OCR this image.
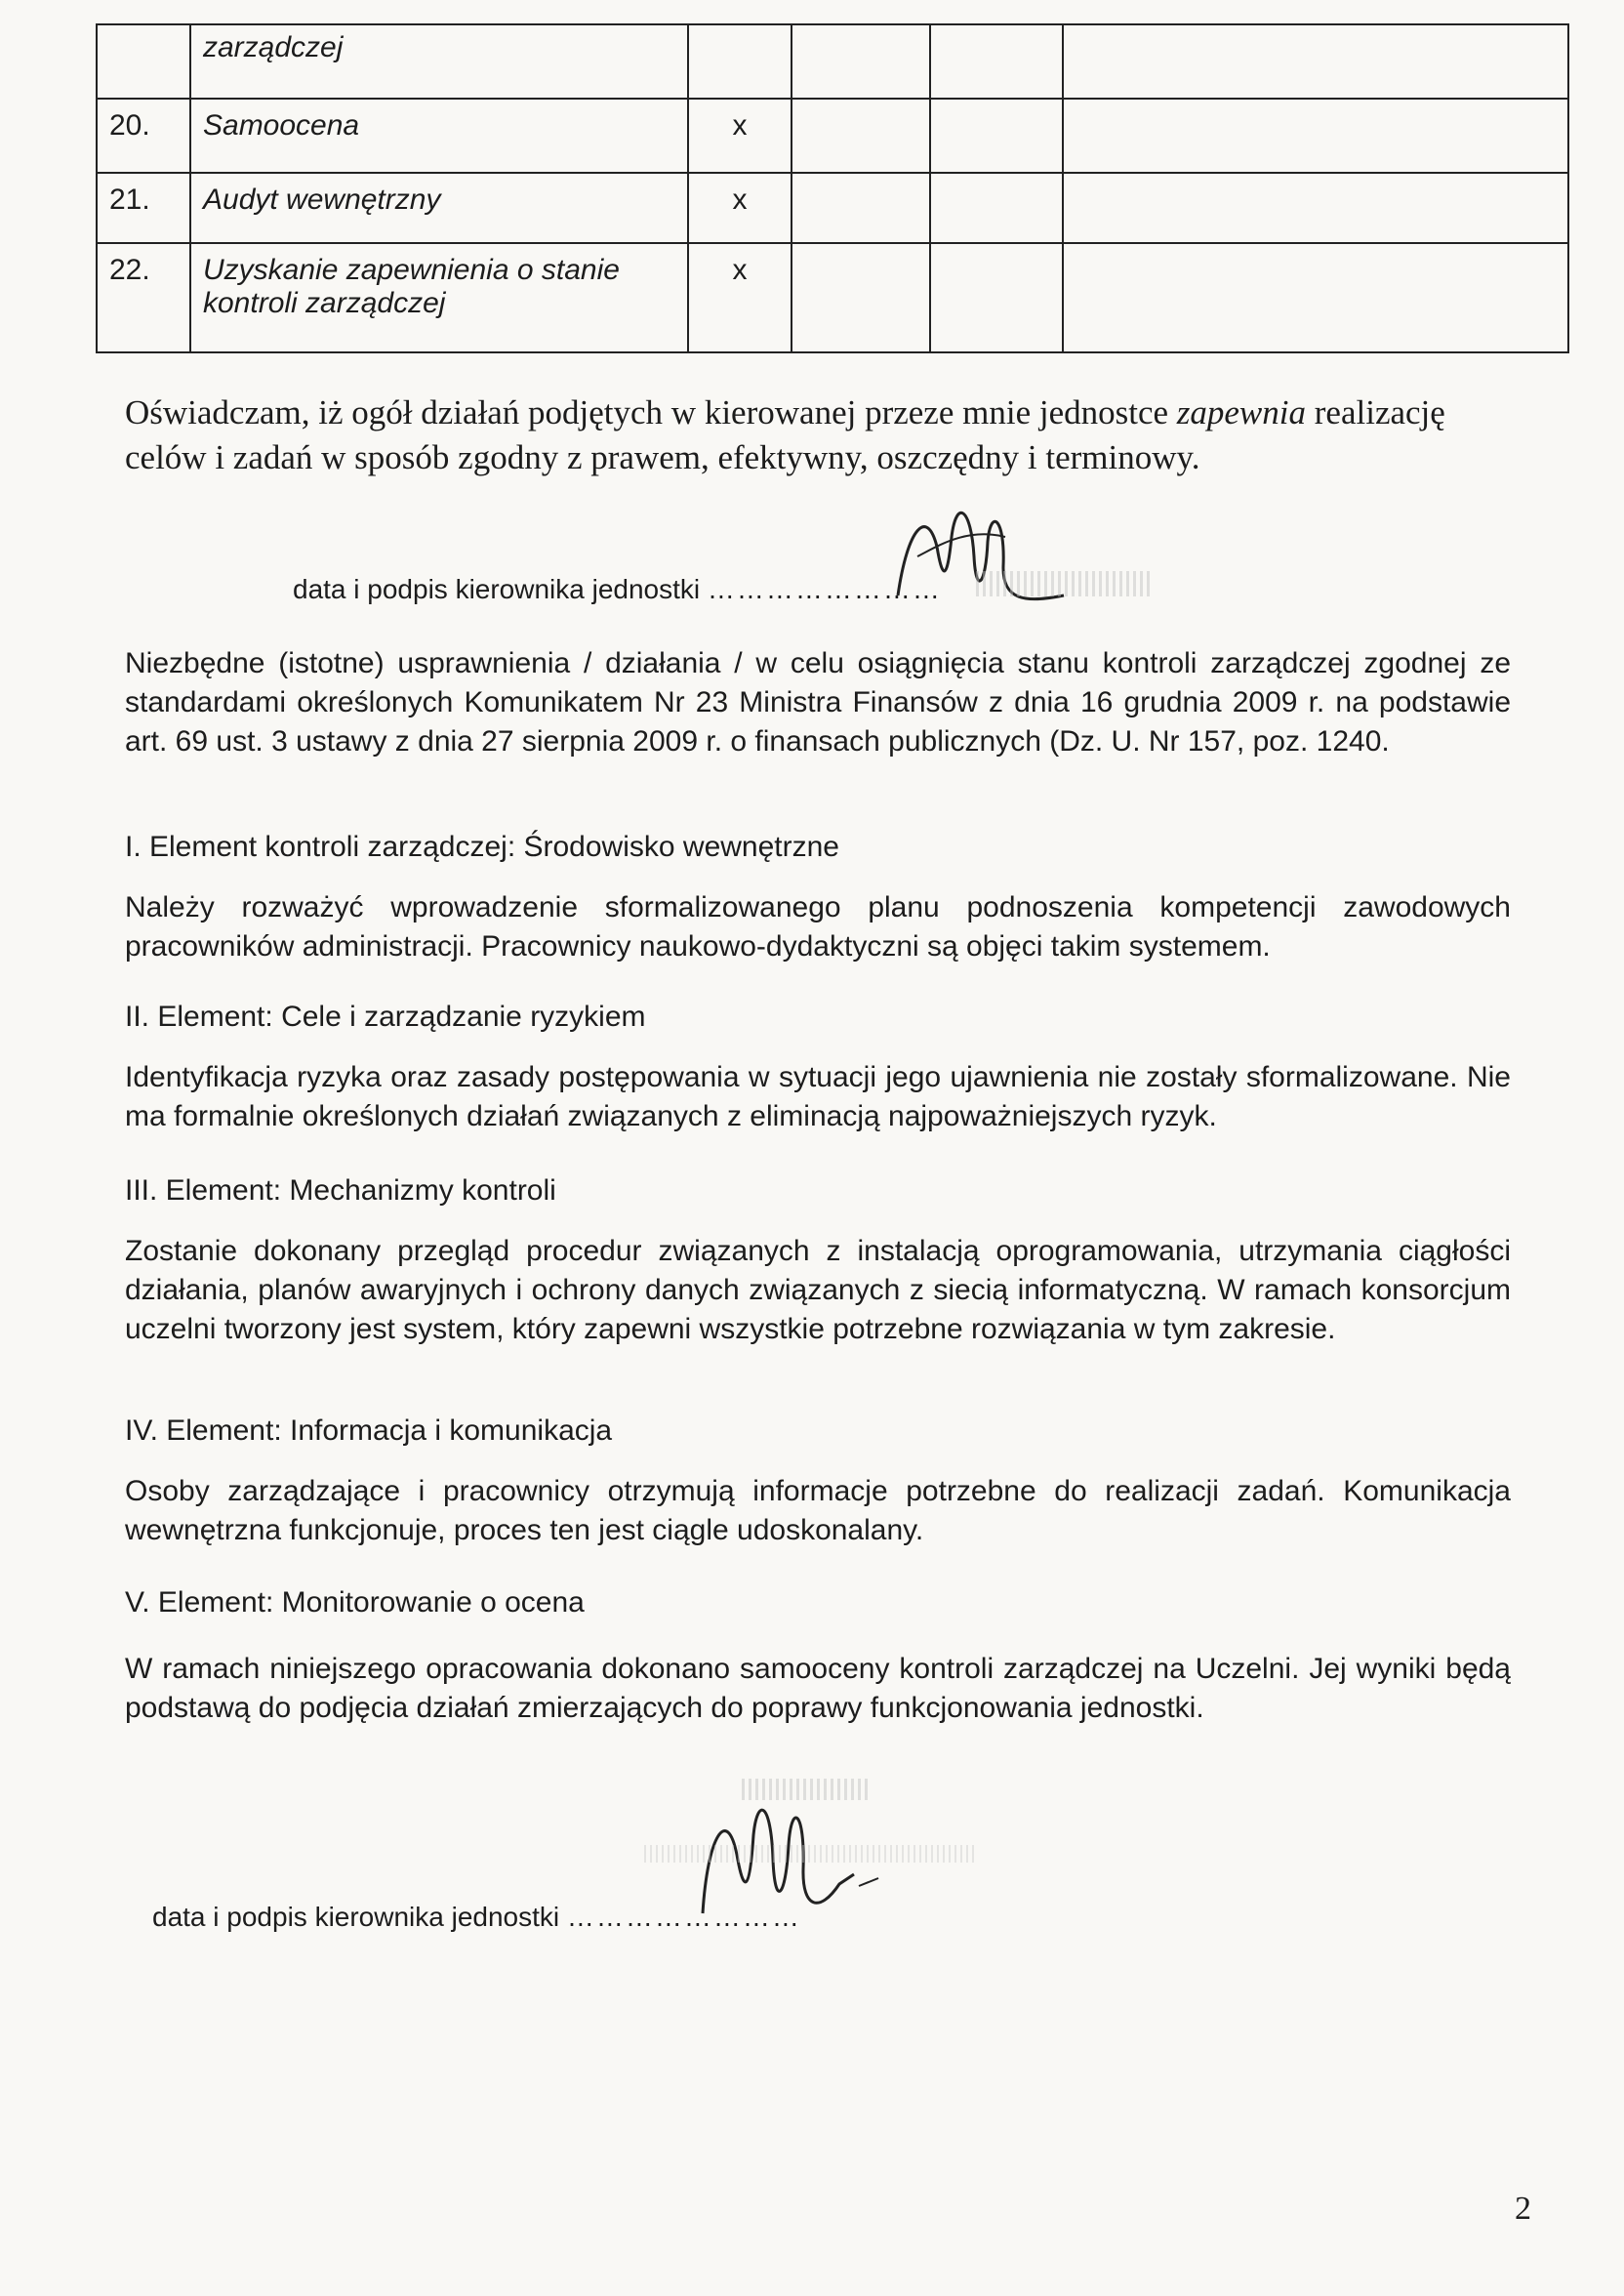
	zarządczej				
20.	Samoocena	x			
21.	Audyt wewnętrzny	x			
22.	Uzyskanie zapewnienia o stanie kontroli zarządczej	x			

Oświadczam, iż ogół działań podjętych w kierowanej przeze mnie jednostce zapewnia realizację celów i zadań w sposób zgodny z prawem, efektywny, oszczędny i terminowy.

data i podpis kierownika jednostki ……………………

Niezbędne (istotne) usprawnienia / działania / w celu osiągnięcia stanu kontroli zarządczej zgodnej ze standardami określonych Komunikatem Nr 23 Ministra Finansów z dnia 16 grudnia 2009 r. na podstawie art. 69 ust. 3 ustawy z dnia 27 sierpnia 2009 r. o finansach publicznych (Dz. U. Nr 157, poz. 1240.

I. Element kontroli zarządczej: Środowisko wewnętrzne

Należy rozważyć wprowadzenie sformalizowanego planu podnoszenia kompetencji zawodowych pracowników administracji. Pracownicy naukowo-dydaktyczni są objęci takim systemem.

II. Element: Cele i zarządzanie ryzykiem

Identyfikacja ryzyka oraz zasady postępowania w sytuacji jego ujawnienia nie zostały sformalizowane. Nie ma formalnie określonych działań związanych z eliminacją najpoważniejszych ryzyk.

III. Element: Mechanizmy kontroli

Zostanie dokonany przegląd procedur związanych z instalacją oprogramowania, utrzymania ciągłości działania, planów awaryjnych i ochrony danych związanych z siecią informatyczną. W ramach konsorcjum uczelni tworzony jest system, który zapewni wszystkie potrzebne rozwiązania w tym zakresie.

IV. Element: Informacja i komunikacja

Osoby zarządzające i pracownicy otrzymują informacje potrzebne do realizacji zadań. Komunikacja wewnętrzna funkcjonuje, proces ten jest ciągle udoskonalany.

V. Element: Monitorowanie o ocena

W ramach niniejszego opracowania dokonano samooceny kontroli zarządczej na Uczelni. Jej wyniki będą podstawą do podjęcia działań zmierzających do poprawy funkcjonowania jednostki.

data i podpis kierownika jednostki ……………………
2
